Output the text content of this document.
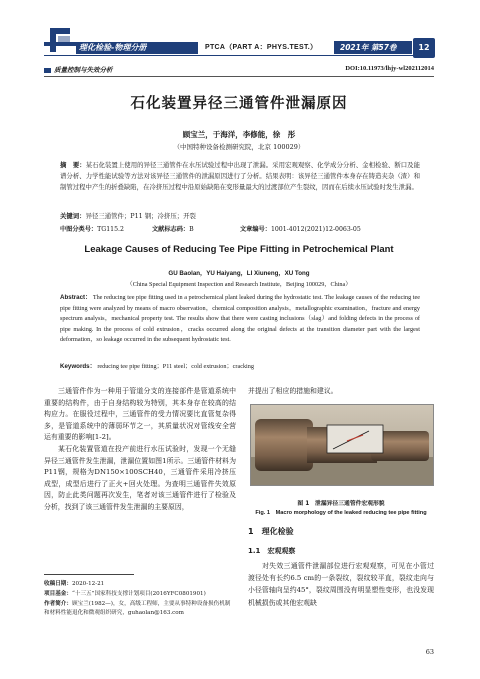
理化检验-物理分册	PTCA（PART A：PHYS.TEST.）	2021年 第57卷	12
质量控制与失效分析	DOI:10.11973/lhjy-wl202112014
石化装置异径三通管件泄漏原因
顾宝兰，于海洋，李修能，徐　彤
（中国特种设备检测研究院，北京 100029）
摘　要：某石化装置上使用的异径三通管件在水压试验过程中出现了泄漏。采用宏观观察、化学成分分析、金相检验、断口及能谱分析、力学性能试验等方法对该异径三通管件的泄漏原因进行了分析。结果表明：该异径三通管件本身存在铸造夹杂（渣）和制管过程中产生的折叠缺陷，在冷挤压过程中沿原始缺陷在变形量最大的过渡部位产生裂纹，因而在后续水压试验时发生泄漏。
关键词：异径三通管件；P11 钢；冷挤压；开裂
中图分类号：TG115.2	文献标志码：B	文章编号：1001-4012(2021)12-0063-05
Leakage Causes of Reducing Tee Pipe Fitting in Petrochemical Plant
GU Baolan，YU Haiyang，LI Xiuneng，XU Tong
（China Special Equipment Inspection and Research Institute，Beijing 100029，China）
Abstract： The reducing tee pipe fitting used in a petrochemical plant leaked during the hydrostatic test. The leakage causes of the reducing tee pipe fitting were analyzed by means of macro observation，chemical composition analysis，metallographic examination，fracture and energy spectrum analysis，mechanical property test. The results show that there were casting inclusions（slag）and folding defects in the process of pipe making. In the process of cold extrusion，cracks occurred along the original defects at the transition diameter part with the largest deformation，so leakage occurred in the subsequent hydrostatic test.
Keywords： reducing tee pipe fitting；P11 steel；cold extrusion；cracking
三通管件作为一种用于管道分支的连接部件是管道系统中重要的结构件，由于自身结构较为特别，其本身存在较高的结构应力。在服役过程中，三通管件的受力情况要比直管复杂得多，是管道系统中的薄弱环节之一，其质量状况对管线安全营运有重要的影响[1-2]。
某石化装置管道在投产前进行水压试验时，发现一个无缝异径三通管件发生泄漏，泄漏位置如图1所示。三通管件材料为P11钢，规格为DN150×100SCH40，三通管件采用冷挤压成型，成型后进行了正火+回火处理。为查明三通管件失效原因，防止此类问题再次发生，笔者对该三通管件进行了检验及分析，找到了该三通管件发生泄漏的主要原因，
并提出了相应的措施和建议。
图 1　泄漏异径三通管件宏观形貌
Fig. 1　Macro morphology of the leaked reducing tee pipe fitting
1　理化检验
1.1　宏观观察
对失效三通管件泄漏部位进行宏观观察，可见在小管过渡径处有长约6.5 cm的一条裂纹，裂纹较平直，裂纹走向与小径管轴向呈约45°，裂纹周围没有明显塑性变形，也没发现机械损伤或其他宏观缺
收稿日期：2020-12-21
项目基金：“十三五”国家科技支撑计划项目(2016YFC0801901)
作者简介：顾宝兰(1982—)，女，高级工程师，主要从事特种设备损伤机制和材料性能退化和微观组织研究，guhaolan@163.com
63
